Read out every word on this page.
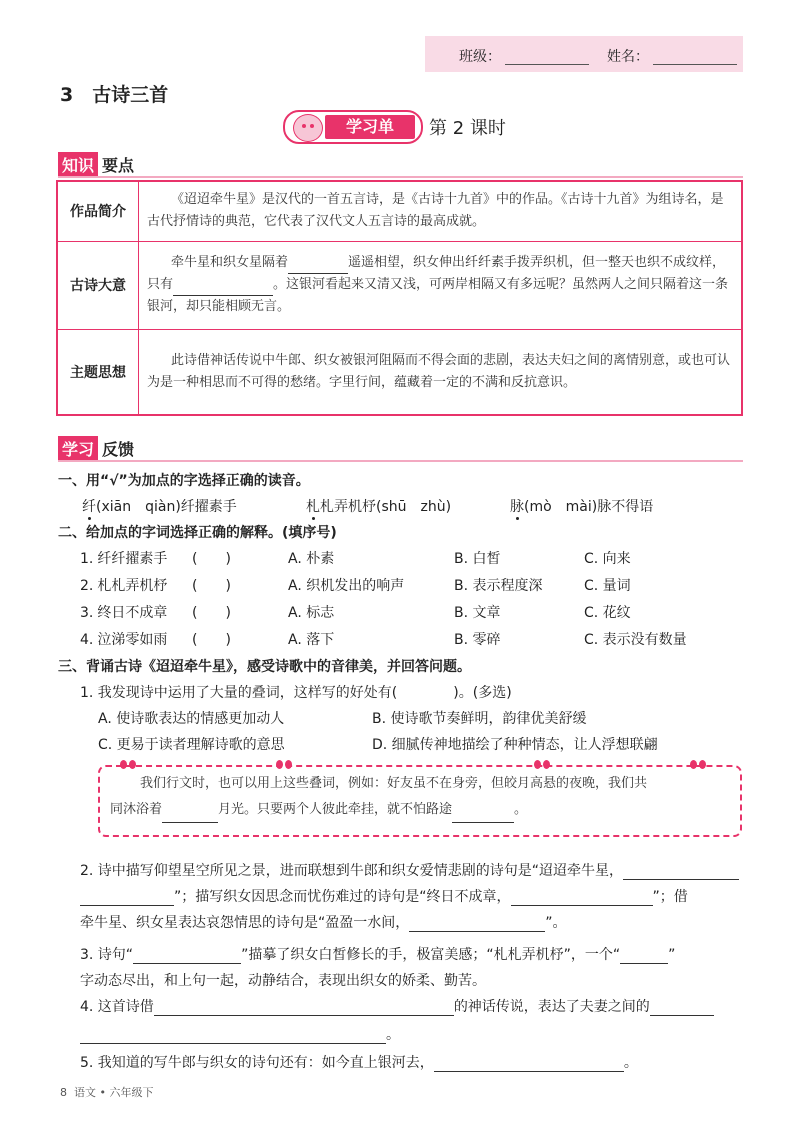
班级：	姓名：
3　古诗三首
学习单	第 2 课时
知识 要点
作品简介	《迢迢牵牛星》是汉代的一首五言诗，是《古诗十九首》中的作品。《古诗十九首》为组诗名，是古代抒情诗的典范，它代表了汉代文人五言诗的最高成就。
古诗大意	牵牛星和织女星隔着 遥遥相望，织女伸出纤纤素手拨弄织机，但一整天也织不成纹样，只有 。这银河看起来又清又浅，可两岸相隔又有多远呢？虽然两人之间只隔着这一条银河，却只能相顾无言。
主题思想	此诗借神话传说中牛郎、织女被银河阻隔而不得会面的悲剧，表达夫妇之间的离情别意，或也可认为是一种相思而不可得的愁绪。字里行间，蕴藏着一定的不满和反抗意识。
学习 反馈
一、用“√”为加点的字选择正确的读音。
纤(xiān　qiàn)纤擢素手	札札弄机杼(shū　zhù)	脉(mò　mài)脉不得语
二、给加点的字词选择正确的解释。(填序号)
1. 纤纤擢素手 (　　)	A. 朴素	B. 白皙	C. 向来
2. 札札弄机杼 (　　)	A. 织机发出的响声	B. 表示程度深	C. 量词
3. 终日不成章 (　　)	A. 标志	B. 文章	C. 花纹
4. 泣涕零如雨 (　　)	A. 落下	B. 零碎	C. 表示没有数量
三、背诵古诗《迢迢牵牛星》，感受诗歌中的音律美，并回答问题。
1. 我发现诗中运用了大量的叠词，这样写的好处有(　　　　)。(多选)
A. 使诗歌表达的情感更加动人	B. 使诗歌节奏鲜明，韵律优美舒缓
C. 更易于读者理解诗歌的意思	D. 细腻传神地描绘了种种情态，让人浮想联翩
我们行文时，也可以用上这些叠词，例如：好友虽不在身旁，但皎月高悬的夜晚，我们共
同沐浴着	月光。只要两个人彼此牵挂，就不怕路途	。
2. 诗中描写仰望星空所见之景，进而联想到牛郎和织女爱情悲剧的诗句是“迢迢牵牛星，
”；描写织女因思念而忧伤难过的诗句是“终日不成章，	”；借
牵牛星、织女星表达哀怨情思的诗句是“盈盈一水间，	”。
3. 诗句“	”描摹了织女白皙修长的手，极富美感；“札札弄机杼”，一个“	”
字动态尽出，和上句一起，动静结合，表现出织女的娇柔、勤苦。
4. 这首诗借	的神话传说，表达了夫妻之间的
。
5. 我知道的写牛郎与织女的诗句还有：如今直上银河去，	。
8 语文 • 六年级下
